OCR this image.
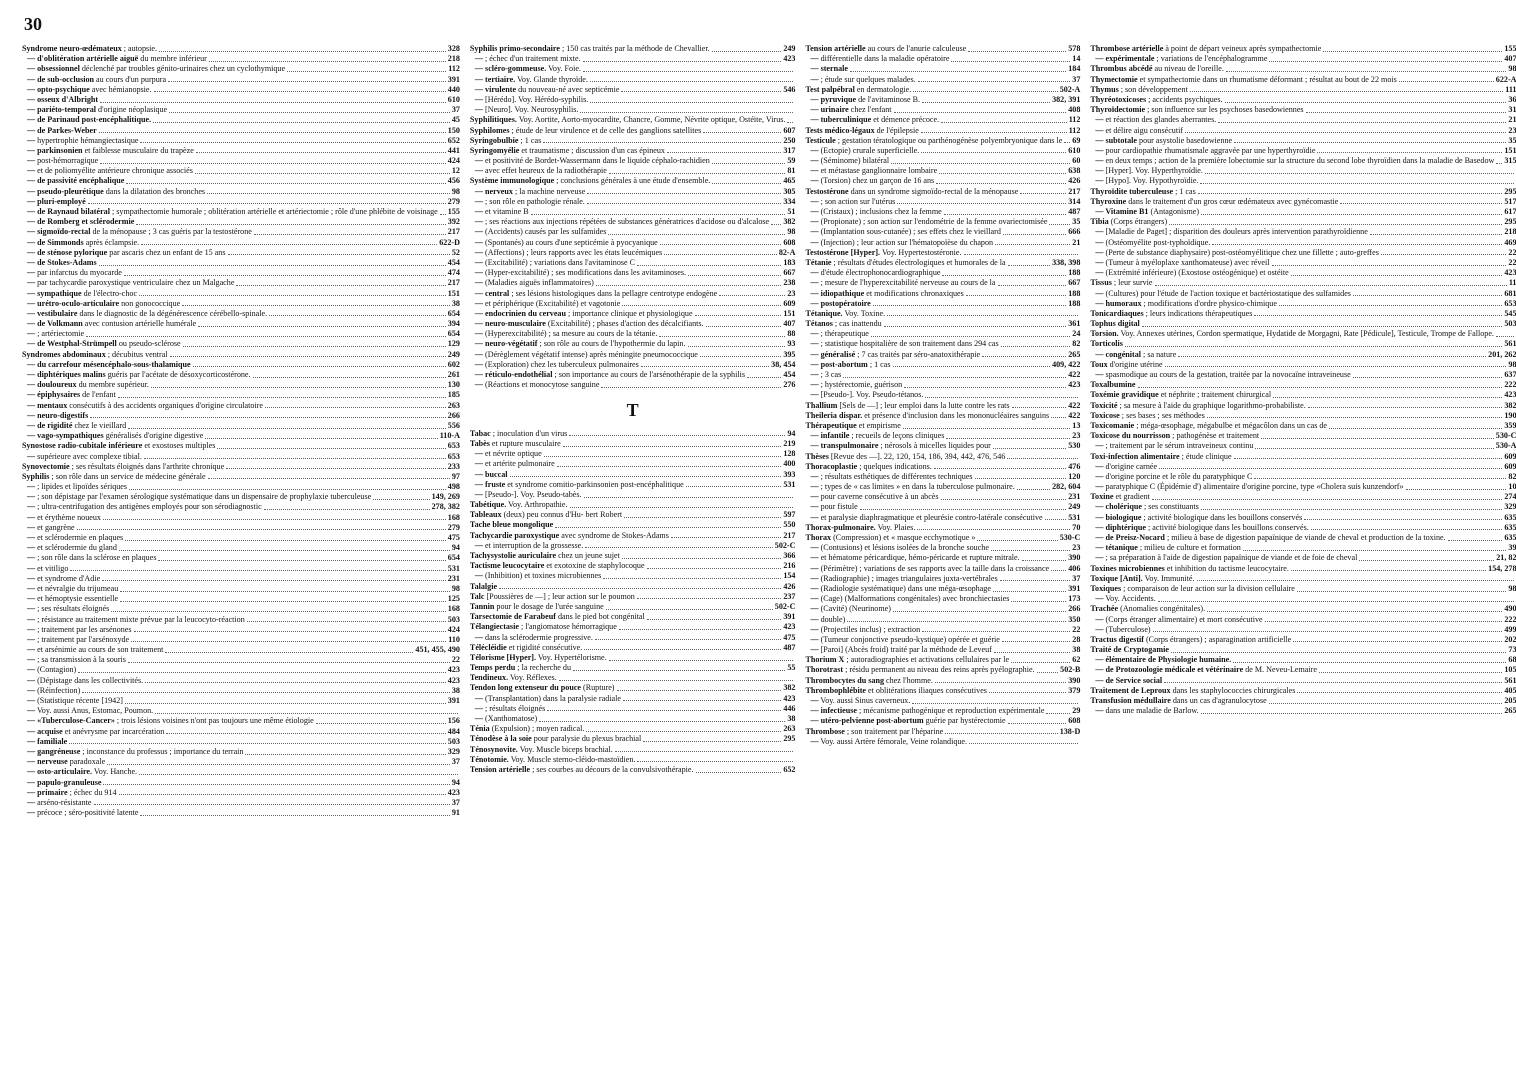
30
Syndrome neuro-œdémateux ; autopsie.	328
— d'oblitération artérielle aiguë du membre inférieur	218
— obsessionnel déclenché par troubles génito-urinaires chez un cyclothymique	112
— de sub-occlusion au cours d'un purpura	391
— opto-psychique avec hémianopsie.	440
— osseux d'Albright	610
— pariéto-temporal d'origine néoplasique	37
— de Parinaud post-encéphalitique.	45
— de Parkes-Weber	150
— hypertrophie hémangiectasique	652
— parkinsonien et faiblesse musculaire du trapèze	441
— post-hémorragique	424
— et de poliomyélite antérieure chronique associés	12
— de passivité encéphalique	456
— pseudo-pleurétique dans la dilatation des bronches	98
— pluri-employé	279
— de Raynaud bilatéral ; sympathectomie humorale ; oblitération artérielle et artériectomie ; rôle d'une phlébite de voisinage 155
— de Romberg et sclérodermie	392
— sigmoïdo-rectal de la ménopause ; 3 cas guéris par la testostérone	217
— de Simmonds après éclampsie.	622-D
— de sténose pylorique par ascaris chez un enfant de 15 ans	52
— de Stokes-Adams	454
— par infarctus du myocarde	474
— par tachycardie paroxystique ventriculaire chez un Malgache	217
— sympathique de l'électro-choc	151
— urétro-oculo-articulaire non gonococcique	38
— vestibulaire dans le diagnostic de la dégénérescence cérébello-spinale.	654
— de Volkmann avec contusion artérielle humérale	394
— ; artériectomie	654
— de Westphal-Strümpell ou pseudo-sclérose	129
Syndromes abdominaux ; décubitus ventral	249
— du carrefour mésencéphalo-sous-thalamique	602
— diphtériques malins guéris par l'acétate de désoxycorticostérone.	261
— douloureux du membre supérieur.	130
— épiphysaires de l'enfant	185
— mentaux consécutifs à des accidents organiques d'origine circulatoire	263
— neuro-digestifs	266
— de rigidité chez le vieillard	556
— vago-sympathiques généralisés d'origine digestive	110-A
Synostose radio-cubitale inférieure et exostoses multiples	653
— supérieure avec complexe tibial.	653
Synovectomie ; ses résultats éloignés dans l'arthrite chronique	233
Syphilis ; son rôle dans un service de médecine générale	97
— ; lipides et lipoïdes sériques	498
— ; son dépistage par l'examen sérologique systématique dans un dispensaire de prophylaxie tuberculeuse	149, 269
— ; ultra-centrifugation des antigènes employés pour son sérodiagnostic	278, 382
— et érythème noueux	168
— et gangrène	279
— et sclérodermie en plaques	475
— et sclérodermie du gland	94
— ; son rôle dans la sclérose en plaques	654
— et vitiligo	531
— et syndrome d'Adie	231
— et névralgie du trijumeau	98
— et hémoptysie essentielle	125
— ; ses résultats éloignés	168
— ; résistance au traitement mixte prévue par la leucocyto-réaction	503
— ; traitement par les arsénones	424
— ; traitement par l'arsénoxyde	110
— et arsénimie au cours de son traitement	451, 455, 490
— ; sa transmission à la souris	22
— (Contagion)	423
— (Dépistage dans les collectivités.	423
— (Réinfection)	38
— (Statistique récente [1942]	391
— Voy. aussi Anus, Estomac, Poumon.
— «Tuberculose-Cancer» ; trois lésions voisines n'ont pas toujours une même étiologie	156
— acquise et anévrysme par incarcération	484
— familiale	503
— gangréneuse ; inconstance du professus ; importance du terrain	329
— nerveuse paradoxale	37
— osto-articulaire. Voy. Hanche.
— papulo-granuleuse	94
— primaire ; échec du 914	423
— arséno-résistante	37
— précoce ; séro-positivité latente	91
Syphilis primo-secondaire ; 150 cas traités par la méthode de Chevallier.	249
— ; échec d'un traitement mixte.	423
— scléro-gommeuse. Voy. Foie.
— tertiaire. Voy. Glande thyroïde.
— virulente du nouveau-né avec septicémie	546
— [Hérédo]. Voy. Hérédo-syphilis.
— [Neuro]. Voy. Neurosyphilis.
Syphilitiques. Voy. Aortite, Aorto-myocardite, Chancre, Gomme, Névrite optique, Ostéite, Virus.
Syphilomes ; étude de leur virulence et de celle des ganglions satellites	607
Syringobulbie ; 1 cas	250
Syringomyélie et traumatisme ; discussion d'un cas épineux	317
— et positivité de Bordet-Wassermann dans le liquide céphalo-rachidien	59
— avec effet heureux de la radiothérapie	81
Système immunologique ; conclusions générales à une étude d'ensemble.	465
— nerveux ; la machine nerveuse	305
— ; son rôle en pathologie rénale.	334
— et vitamine B	51
— ; ses réactions aux injections répétées de substances génératrices d'acidose ou d'alcalose 382
— (Accidents) causés par les sulfamides	98
— (Spontanés) au cours d'une septicémie à pyocyanique	608
— (Affections) ; leurs rapports avec les états leucémiques	82-A
— (Excitabilité) ; variations dans l'avitaminose C	183
— (Hyper-excitabilité) ; ses modifications dans les avitaminoses.	667
— (Maladies aiguës inflammatoires)	238
— central ; ses lésions histologiques dans la pellagre centrotype endogène	23
— et périphérique (Excitabilité) et vagotonie	609
— endocrinien du cerveau ; importance clinique et physiologique	151
— neuro-musculaire (Excitabilité) ; phases d'action des décalcifiants.	407
— (Hyperexcitabilité) ; sa mesure au cours de la tétanie.	88
— neuro-végétatif ; son rôle au cours de l'hypothermie du lapin.	93
— (Dérèglement végétatif intense) après méningite pneumococcique	395
— (Exploration) chez les tuberculeux pulmonaires	38, 454
— réticulo-endothélial ; son importance au cours de l'arsénothérapie de la syphilis	454
— (Réactions et monocytose sanguine	276
T
Tabac ; inoculation d'un virus	94
Tabès et rupture musculaire	219
— et névrite optique	128
— et artérite pulmonaire	400
— buccal	393
— fruste et syndrome comitio-parkinsonien post-encéphalitique	531
— [Pseudo-]. Voy. Pseudo-tabès.
Tabétique. Voy. Arthropathie.
Tableaux (deux) peu connus d'Hu- bert Robert	597
Tache bleue mongolique	550
Tachycardie paroxystique avec syndrome de Stokes-Adams	217
— et interruption de la grossesse.	502-C
Tachysystolie auriculaire chez un jeune sujet	366
Tactisme leucocytaire et exotoxine de staphylocoque	216
— (Inhibition) et toxines microbiennes	154
Talalgie	426
Talc [Poussières de —] ; leur action sur le poumon	237
Tannin pour le dosage de l'urée sanguine	502-C
Tarsectomie de Farabeuf dans le pied bot congénital	391
Télangiectasie ; l'angiomatose hémorragique	423
— dans la sclérodermie progressive.	475
Télécléidie et rigidité consécutive.	487
Télorisme [Hyper]. Voy. Hypertélorisme.
Temps perdu ; la recherche du	55
Tendineux. Voy. Réflexes.
Tendon long extenseur du pouce (Rupture)	382
— (Transplantation) dans la paralysie radiale	423
— ; résultats éloignés	446
— (Xanthomatose)	38
Ténia (Expulsion) ; moyen radical.	263
Ténodèse à la soie pour paralysie du plexus brachial	295
Ténosynovite. Voy. Muscle biceps brachial.
Ténotomie. Voy. Muscle sterno-cléido-mastoïdien.
Tension artérielle ; ses courbes au décours de la convulsivothérapie.	652
Tension artérielle au cours de l'anurie calculeuse	578
— différentielle dans la maladie opératoire	14
— sternale	184
— ; étude sur quelques malades.	37
Test palpébral en dermatologie.	502-A
— pyruvique de l'avitaminose B.	382, 391
— urinaire chez l'enfant	408
— tuberculinique et démence précoce.	112
Tests médico-légaux de l'épilepsie	112
Testicule ; gestation tératologique ou parthénogénèse polyembryonique dans le 69
— (Ectopie) crurale superficielle.	610
— (Séminome) bilatéral	60
— et métastase ganglionnaire lombaire	638
— (Torsion) chez un garçon de 16 ans	426
Testostérone dans un syndrome sigmoïdo-rectal de la ménopause	217
— ; son action sur l'utérus	314
— (Cristaux) ; inclusions chez la femme	487
— (Propionate) ; son action sur l'endométrie de la femme ovariectomisée	35
— (Implantation sous-cutanée) ; ses effets chez le vieillard	666
— (Injection) ; leur action sur l'hématopoïèse du chapon	21
Testostérone [Hyper]. Voy. Hypertestostéronie.
Tétanie ; résultats d'études électrologiques et humorales de la	338, 398
— d'étude électrophonocardiographique	188
— ; mesure de l'hyperexcitabilité nerveuse au cours de la	667
— idiopathique et modifications chronaxiques	188
— postopératoire	188
Tétanique. Voy. Toxine.
Tétanos ; cas inattendu	361
— ; thérapeutique	24
— ; statistique hospitalière de son traitement dans 294 cas	82
— généralisé ; 7 cas traités par séro-anatoxithérapie	265
— post-abortum ; 1 cas	409, 422
— ; 3 cas	422
— ; hystérectomie, guérison	423
— [Pseudo-]. Voy. Pseudo-tétanos.
Thallium [Sels de —] ; leur emploi dans la lutte contre les rats	422
Theileria dispar. et présence d'inclusion dans les mononucléaires sanguins 422
Thérapeutique et empirisme	13
— infantile ; recueils de leçons cliniques	23
— transpulmonaire ; nérosols à micelles liquides pour	530
Thèses [Revue des —]. 22, 120, 154, 186, 394, 442, 476, 546
Thoracoplastie ; quelques indications.	476
— ; résultats esthétiques de différentes techniques	120
— ; types de « cas limites » en dans la tuberculose pulmonaire.	282, 604
— pour caverne consécutive à un abcès	231
— pour fistule	249
— et paralysie diaphragmatique et pleurésie contro-latérale consécutive	531
Thorax-pulmonaire. Voy. Plaies.	70
Thorax (Compression) et « masque ecchymotique »	530-C
— (Contusions) et lésions isolées de la bronche souche	23
— et hématome péricardique, hémo-péricarde et rupture mitrale.	390
— (Périmètre) ; variations de ses rapports avec la taille dans la croissance 406
— (Radiographie) ; images triangulaires juxta-vertébrales	37
— (Radiologie systématique) dans une méga-œsophage	391
— (Cage) (Malformations congénitales) avec bronchiectasies	173
— (Cavité) (Neurinome)	266
— double)	350
— (Projectiles inclus) ; extraction	22
— (Tumeur conjonctive pseudo-kystique) opérée et guérie	28
— [Paroi] (Abcès froid) traité par la méthode de Leveuf	38
Thorium X ; autoradiographies et activations cellulaires par le	62
Thorotrast ; résidu permanent au niveau des reins après pyélographie.	502-B
Thrombocytes du sang chez l'homme.	390
Thrombophlébite et oblitérations iliaques consécutives	379
— Voy. aussi Sinus caverneux.
— infectieuse ; mécanisme pathogénique et reproduction expérimentale	29
— utéro-pelvienne post-abortum guérie par hystérectomie	608
Thrombose ; son traitement par l'héparine	138-D
— Voy. aussi Artère fémorale, Veine rolandique.
Thrombose artérielle à point de départ veineux après sympathectomie	155
— expérimentale ; variations de l'encéphalogramme	407
Thrombus abcédé au niveau de l'oreille.	98
Thymectomie et sympathectomie dans un rhumatisme déformant ; résultat au bout de 22 mois	622-A
Thymus ; son développement	111
Thyréotoxicoses ; accidents psychiques.	36
Thyroïdectomie ; son influence sur les psychoses basedowiennes	31
— et réaction des glandes aberrantes.	21
— et délire aigu consécutif	23
— subtotale pour asystolie basedowienne	35
— pour cardiopathie rhumatismale aggravée par une hyperthyroïdie	151
— en deux temps ; action de la première lobectomie sur la structure du second lobe thyroïdien dans la maladie de Basedow 315
— [Hyper]. Voy. Hyperthyroïdie.
— [Hypo]. Voy. Hypothyroïdie.
Thyroïdite tuberculeuse ; 1 cas	295
Thyroxine dans le traitement d'un gros cœur œdémateux avec gynécomastie	517
— Vitamine B1 (Antagonisme)	617
Tibia (Corps étrangers)	295
— [Maladie de Paget] ; disparition des douleurs après intervention parathyroïdienne	218
— (Ostéomyélite post-typhoïdique.	469
— (Perte de substance diaphysaire) post-ostéomyélitique chez une fillette ; auto-greffes	22
— (Tumeur à myéloplaxe xanthomateuse) avec réveil	22
— (Extrémité inférieure) (Exostose ostéogénique) et ostéite	423
Tissus ; leur survie	11
— (Cultures) pour l'étude de l'action toxique et bactériostatique des sulfamides	681
— humoraux ; modifications d'ordre physico-chimique	653
Tonicardiaques ; leurs indications thérapeutiques	545
Tophus digital	503
Torsion. Voy. Annexes utérines, Cordon spermatique, Hydatide de Morgagni, Rate [Pédicule], Testicule, Trompe de Fallope.
Torticolis	561
— congénital ; sa nature	201, 262
Toux d'origine utérine	98
— spasmodique au cours de la gestation, traitée par la novocaïne intraveineuse	637
Toxalbumine	222
Toxémie gravidique et néphrite ; traitement chirurgical	423
Toxicité ; sa mesure à l'aide du graphique logarithmo-probabiliste.	382
Toxicose ; ses bases ; ses méthodes	190
Toxicomanie ; méga-œsophage, mégabulbe et mégacôlon dans un cas de	359
Toxicose du nourrisson ; pathogénèse et traitement	530-C
— ; traitement par le sérum intraveineux continu	530-A
Toxi-infection alimentaire ; étude clinique	609
— d'origine carnée	609
— d'origine porcine et le rôle du paratyphique C	82
— paratyphique C (Épidémie d') alimentaire d'origine porcine, type «Cholera suis kunzendorf»	10
Toxine et gradient	274
— cholérique ; ses constituants	329
— biologique ; activité biologique dans les bouillons conservés	635
— diphtérique ; activité biologique dans les bouillons conservés.	635
— de Preisz-Nocard ; milieu à base de digestion papaïnique de viande de cheval et production de la toxine.	635
— tétanique ; milieu de culture et formation	39
— ; sa préparation à l'aide de digestion papaïnique de viande et de foie de cheval	21, 82
Toxines microbiennes et inhibition du tactisme leucocytaire.	154, 278
Toxique [Anti]. Voy. Immunité.
Toxiques ; comparaison de leur action sur la division cellulaire	98
— Voy. Accidents.
Trachée (Anomalies congénitales).	490
— (Corps étranger alimentaire) et mort consécutive	222
— (Tuberculose)	499
Tractus digestif (Corps étrangers) ; asparagination artificielle	202
Traité de Cryptogamie	73
— élémentaire de Physiologie humaine.	68
— de Protozoologie médicale et vétérinaire de M. Neveu-Lemaire	105
— de Service social	561
Traitement de Leproux dans les staphylococcies chirurgicales	405
Transfusion médullaire dans un cas d'agranulocytose	205
— dans une maladie de Barlow.	265
